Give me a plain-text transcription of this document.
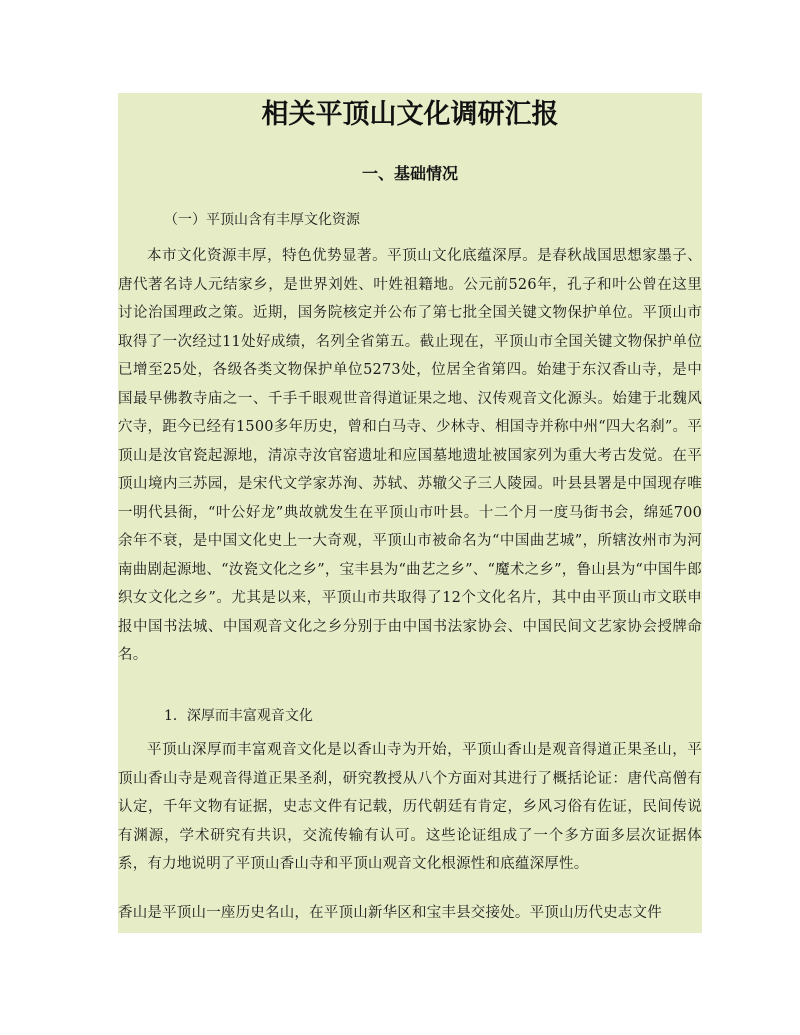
相关平顶山文化调研汇报
一、基础情况

（一）平顶山含有丰厚文化资源

本市文化资源丰厚，特色优势显著。平顶山文化底蕴深厚。是春秋战国思想家墨子、唐代著名诗人元结家乡，是世界刘姓、叶姓祖籍地。公元前526年，孔子和叶公曾在这里讨论治国理政之策。近期，国务院核定并公布了第七批全国关键文物保护单位。平顶山市取得了一次经过11处好成绩，名列全省第五。截止现在，平顶山市全国关键文物保护单位已增至25处，各级各类文物保护单位5273处，位居全省第四。始建于东汉香山寺，是中国最早佛教寺庙之一、千手千眼观世音得道证果之地、汉传观音文化源头。始建于北魏风穴寺，距今已经有1500多年历史，曾和白马寺、少林寺、相国寺并称中州“四大名刹”。平顶山是汝官瓷起源地，清凉寺汝官窑遗址和应国墓地遗址被国家列为重大考古发觉。在平顶山境内三苏园，是宋代文学家苏洵、苏轼、苏辙父子三人陵园。叶县县署是中国现存唯一明代县衙，“叶公好龙”典故就发生在平顶山市叶县。十二个月一度马街书会，绵延700余年不衰，是中国文化史上一大奇观，平顶山市被命名为“中国曲艺城”，所辖汝州市为河南曲剧起源地、“汝瓷文化之乡”，宝丰县为“曲艺之乡”、“魔术之乡”，鲁山县为“中国牛郎织女文化之乡”。尤其是以来，平顶山市共取得了12个文化名片，其中由平顶山市文联申报中国书法城、中国观音文化之乡分别于由中国书法家协会、中国民间文艺家协会授牌命名。

1．深厚而丰富观音文化

平顶山深厚而丰富观音文化是以香山寺为开始，平顶山香山是观音得道正果圣山，平顶山香山寺是观音得道正果圣刹，研究教授从八个方面对其进行了概括论证：唐代高僧有认定，千年文物有证据，史志文件有记载，历代朝廷有肯定，乡风习俗有佐证，民间传说有渊源，学术研究有共识，交流传输有认可。这些论证组成了一个多方面多层次证据体系，有力地说明了平顶山香山寺和平顶山观音文化根源性和底蕴深厚性。

香山是平顶山一座历史名山，在平顶山新华区和宝丰县交接处。平顶山历代史志文件
